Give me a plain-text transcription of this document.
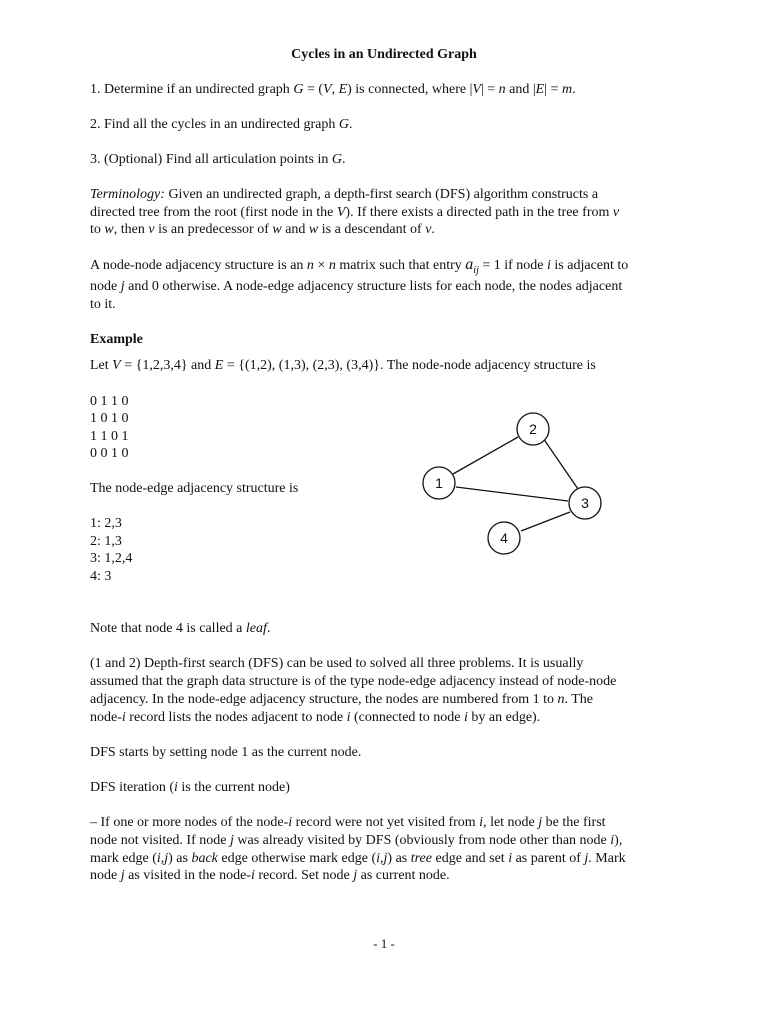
Cycles in an Undirected Graph
1. Determine if an undirected graph G = (V, E) is connected, where |V| = n and |E| = m.
2. Find all the cycles in an undirected graph G.
3. (Optional) Find all articulation points in G.
Terminology: Given an undirected graph, a depth-first search (DFS) algorithm constructs a
directed tree from the root (first node in the V). If there exists a directed path in the tree from v
to w, then v is an predecessor of w and w is a descendant of v.
A node-node adjacency structure is an n × n matrix such that entry $a_{ij} = 1$ if node i is adjacent to
node j and 0 otherwise. A node-edge adjacency structure lists for each node, the nodes adjacent
to it.
Example
Let V = {1,2,3,4} and E = {(1,2), (1,3), (2,3), (3,4)}. The node-node adjacency structure is
0 1 1 0
1 0 1 0
1 1 0 1
0 0 1 0
The node-edge adjacency structure is
1: 2,3
2: 1,3
3: 1,2,4
4: 3
Note that node 4 is called a leaf.
1
2
3
4
(1 and 2) Depth-first search (DFS) can be used to solved all three problems. It is usually
assumed that the graph data structure is of the type node-edge adjacency instead of node-node
adjacency. In the node-edge adjacency structure, the nodes are numbered from 1 to n. The
node-i record lists the nodes adjacent to node i (connected to node i by an edge).
DFS starts by setting node 1 as the current node.
DFS iteration (i is the current node)
– If one or more nodes of the node-i record were not yet visited from i, let node j be the first
node not visited. If node j was already visited by DFS (obviously from node other than node i),
mark edge (i,j) as back edge otherwise mark edge (i,j) as tree edge and set i as parent of j. Mark
node j as visited in the node-i record. Set node j as current node.
- 1 -
